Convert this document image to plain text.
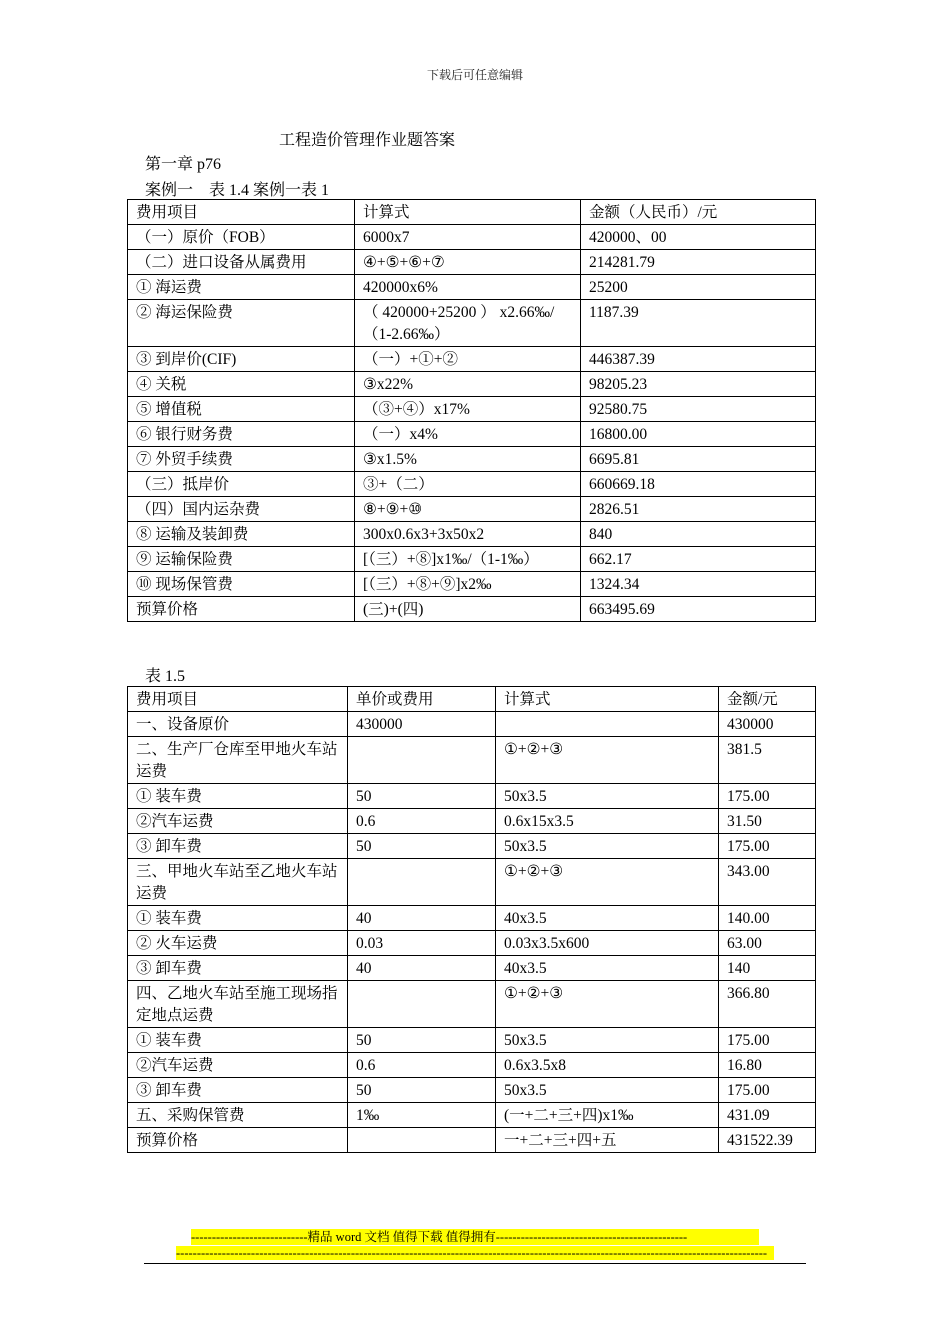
下载后可任意编辑
工程造价管理作业题答案
第一章 p76
案例一　表 1.4 案例一表 1
费用项目	计算式	金额（人民币）/元
（一）原价（FOB）	6000x7	420000、00
（二）进口设备从属费用	④+⑤+⑥+⑦	214281.79
① 海运费	420000x6%	25200
② 海运保险费	（ 420000+25200 ） x2.66‰/（1-2.66‰）	1187.39
③ 到岸价(CIF)	（一）+①+②	446387.39
④ 关税	③x22%	98205.23
⑤ 增值税	（③+④）x17%	92580.75
⑥ 银行财务费	（一）x4%	16800.00
⑦ 外贸手续费	③x1.5%	6695.81
（三）抵岸价	③+（二）	660669.18
（四）国内运杂费	⑧+⑨+⑩	2826.51
⑧ 运输及装卸费	300x0.6x3+3x50x2	840
⑨ 运输保险费	[（三）+⑧]x1‰/（1-1‰）	662.17
⑩ 现场保管费	[（三）+⑧+⑨]x2‰	1324.34
预算价格	(三)+(四)	663495.69
表 1.5
费用项目	单价或费用	计算式	金额/元
一、设备原价	430000		430000
二、生产厂仓库至甲地火车站运费		①+②+③	381.5
① 装车费	50	50x3.5	175.00
②汽车运费	0.6	0.6x15x3.5	31.50
③ 卸车费	50	50x3.5	175.00
三、甲地火车站至乙地火车站运费		①+②+③	343.00
① 装车费	40	40x3.5	140.00
② 火车运费	0.03	0.03x3.5x600	63.00
③ 卸车费	40	40x3.5	140
四、乙地火车站至施工现场指定地点运费		①+②+③	366.80
① 装车费	50	50x3.5	175.00
②汽车运费	0.6	0.6x3.5x8	16.80
③ 卸车费	50	50x3.5	175.00
五、采购保管费	1‰	(一+二+三+四)x1‰	431.09
预算价格		一+二+三+四+五	431522.39
----------------------------精品 word 文档 值得下载 值得拥有----------------------------------------------
----------------------------------------------------------------------------------------------------------------------------------------------
